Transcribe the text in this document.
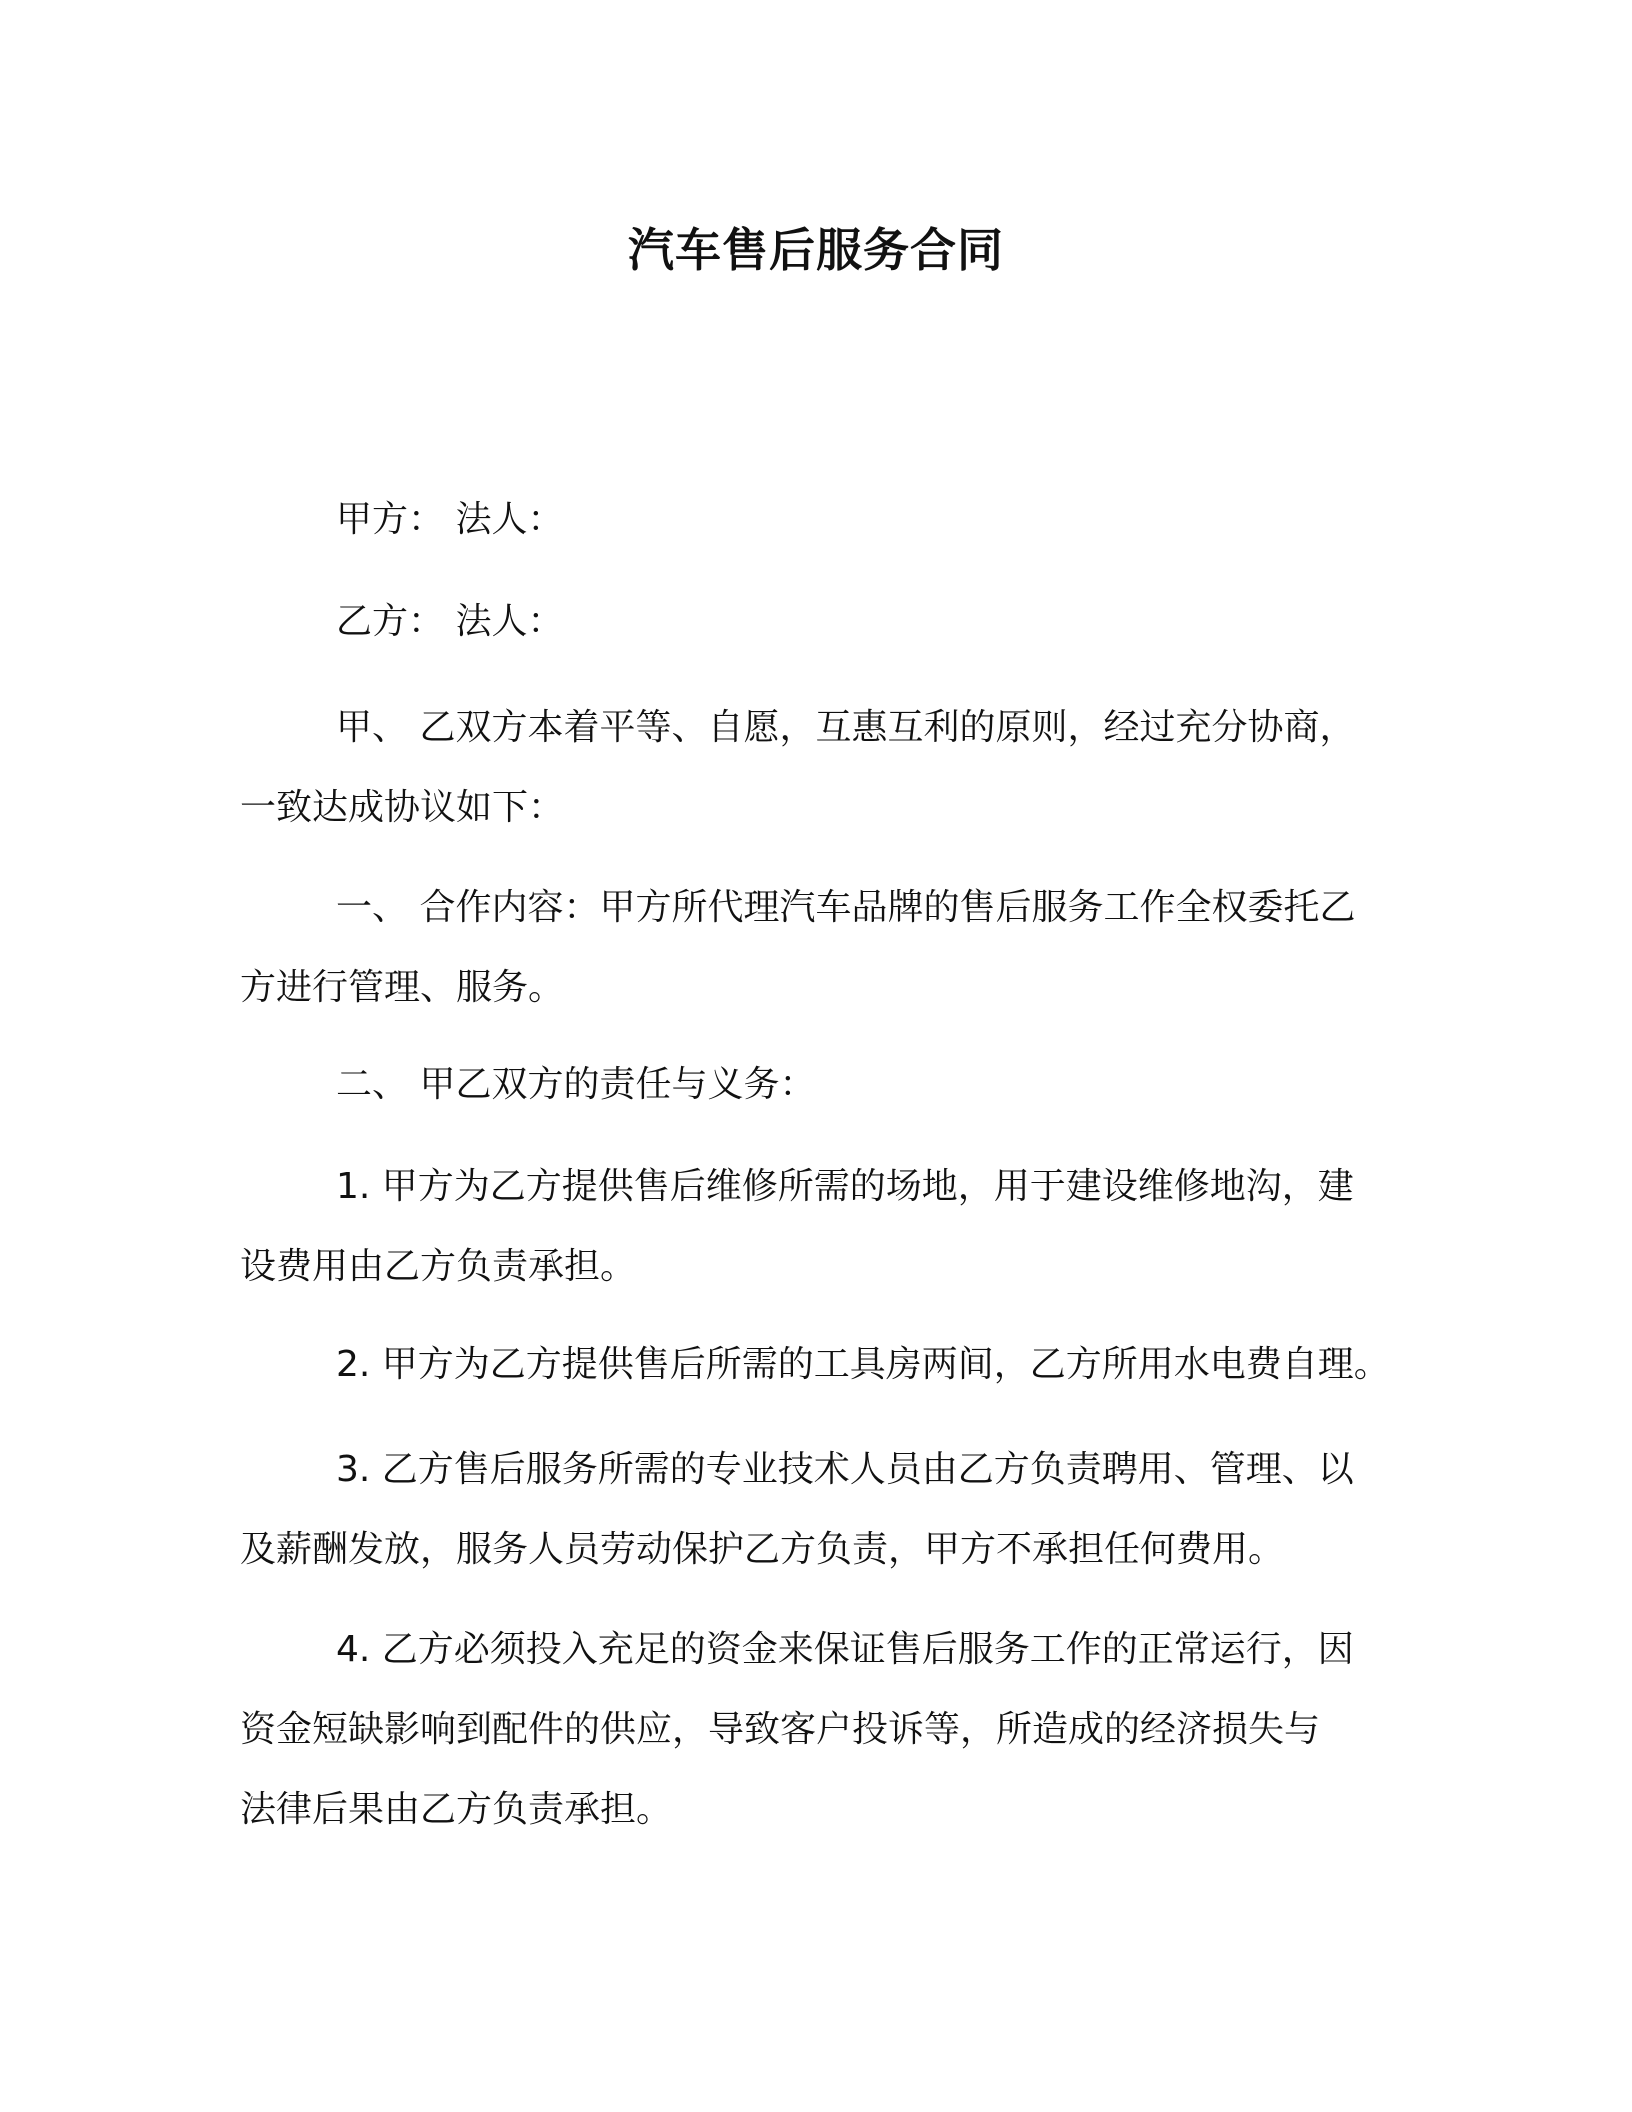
汽车售后服务合同
甲方： 法人：
乙方： 法人：
甲、 乙双方本着平等、自愿，互惠互利的原则，经过充分协商，
一致达成协议如下：
一、 合作内容：甲方所代理汽车品牌的售后服务工作全权委托乙
方进行管理、服务。
二、 甲乙双方的责任与义务：
1. 甲方为乙方提供售后维修所需的场地，用于建设维修地沟，建
设费用由乙方负责承担。
2. 甲方为乙方提供售后所需的工具房两间，乙方所用水电费自理。
3. 乙方售后服务所需的专业技术人员由乙方负责聘用、管理、以
及薪酬发放，服务人员劳动保护乙方负责，甲方不承担任何费用。
4. 乙方必须投入充足的资金来保证售后服务工作的正常运行，因
资金短缺影响到配件的供应，导致客户投诉等，所造成的经济损失与
法律后果由乙方负责承担。
